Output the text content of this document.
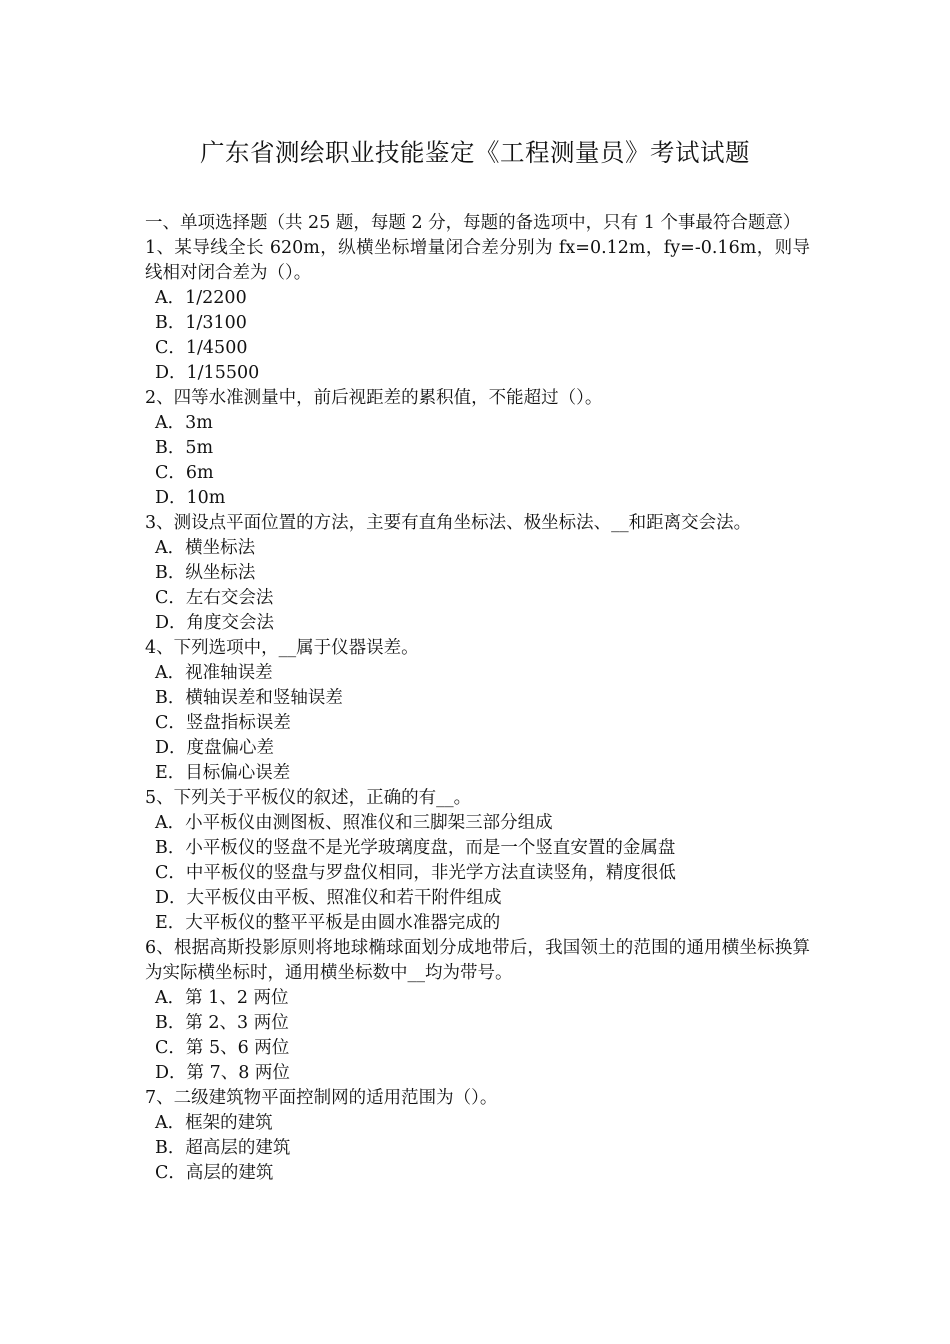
广东省测绘职业技能鉴定《工程测量员》考试试题

一、单项选择题（共 25 题，每题 2 分，每题的备选项中，只有 1 个事最符合题意）

1、某导线全长 620m，纵横坐标增量闭合差分别为 fx=0.12m，fy=-0.16m，则导线相对闭合差为（）。

A．1/2200

B．1/3100

C．1/4500

D．1/15500

2、四等水准测量中，前后视距差的累积值，不能超过（）。

A．3m

B．5m

C．6m

D．10m

3、测设点平面位置的方法，主要有直角坐标法、极坐标法、__和距离交会法。

A．横坐标法

B．纵坐标法

C．左右交会法

D．角度交会法

4、下列选项中，__属于仪器误差。

A．视准轴误差

B．横轴误差和竖轴误差

C．竖盘指标误差

D．度盘偏心差

E．目标偏心误差

5、下列关于平板仪的叙述，正确的有__。

A．小平板仪由测图板、照准仪和三脚架三部分组成

B．小平板仪的竖盘不是光学玻璃度盘，而是一个竖直安置的金属盘

C．中平板仪的竖盘与罗盘仪相同，非光学方法直读竖角，精度很低

D．大平板仪由平板、照准仪和若干附件组成

E．大平板仪的整平平板是由圆水准器完成的

6、根据高斯投影原则将地球椭球面划分成地带后，我国领土的范围的通用横坐标换算为实际横坐标时，通用横坐标数中__均为带号。

A．第 1、2 两位

B．第 2、3 两位

C．第 5、6 两位

D．第 7、8 两位

7、二级建筑物平面控制网的适用范围为（）。

A．框架的建筑

B．超高层的建筑

C．高层的建筑
